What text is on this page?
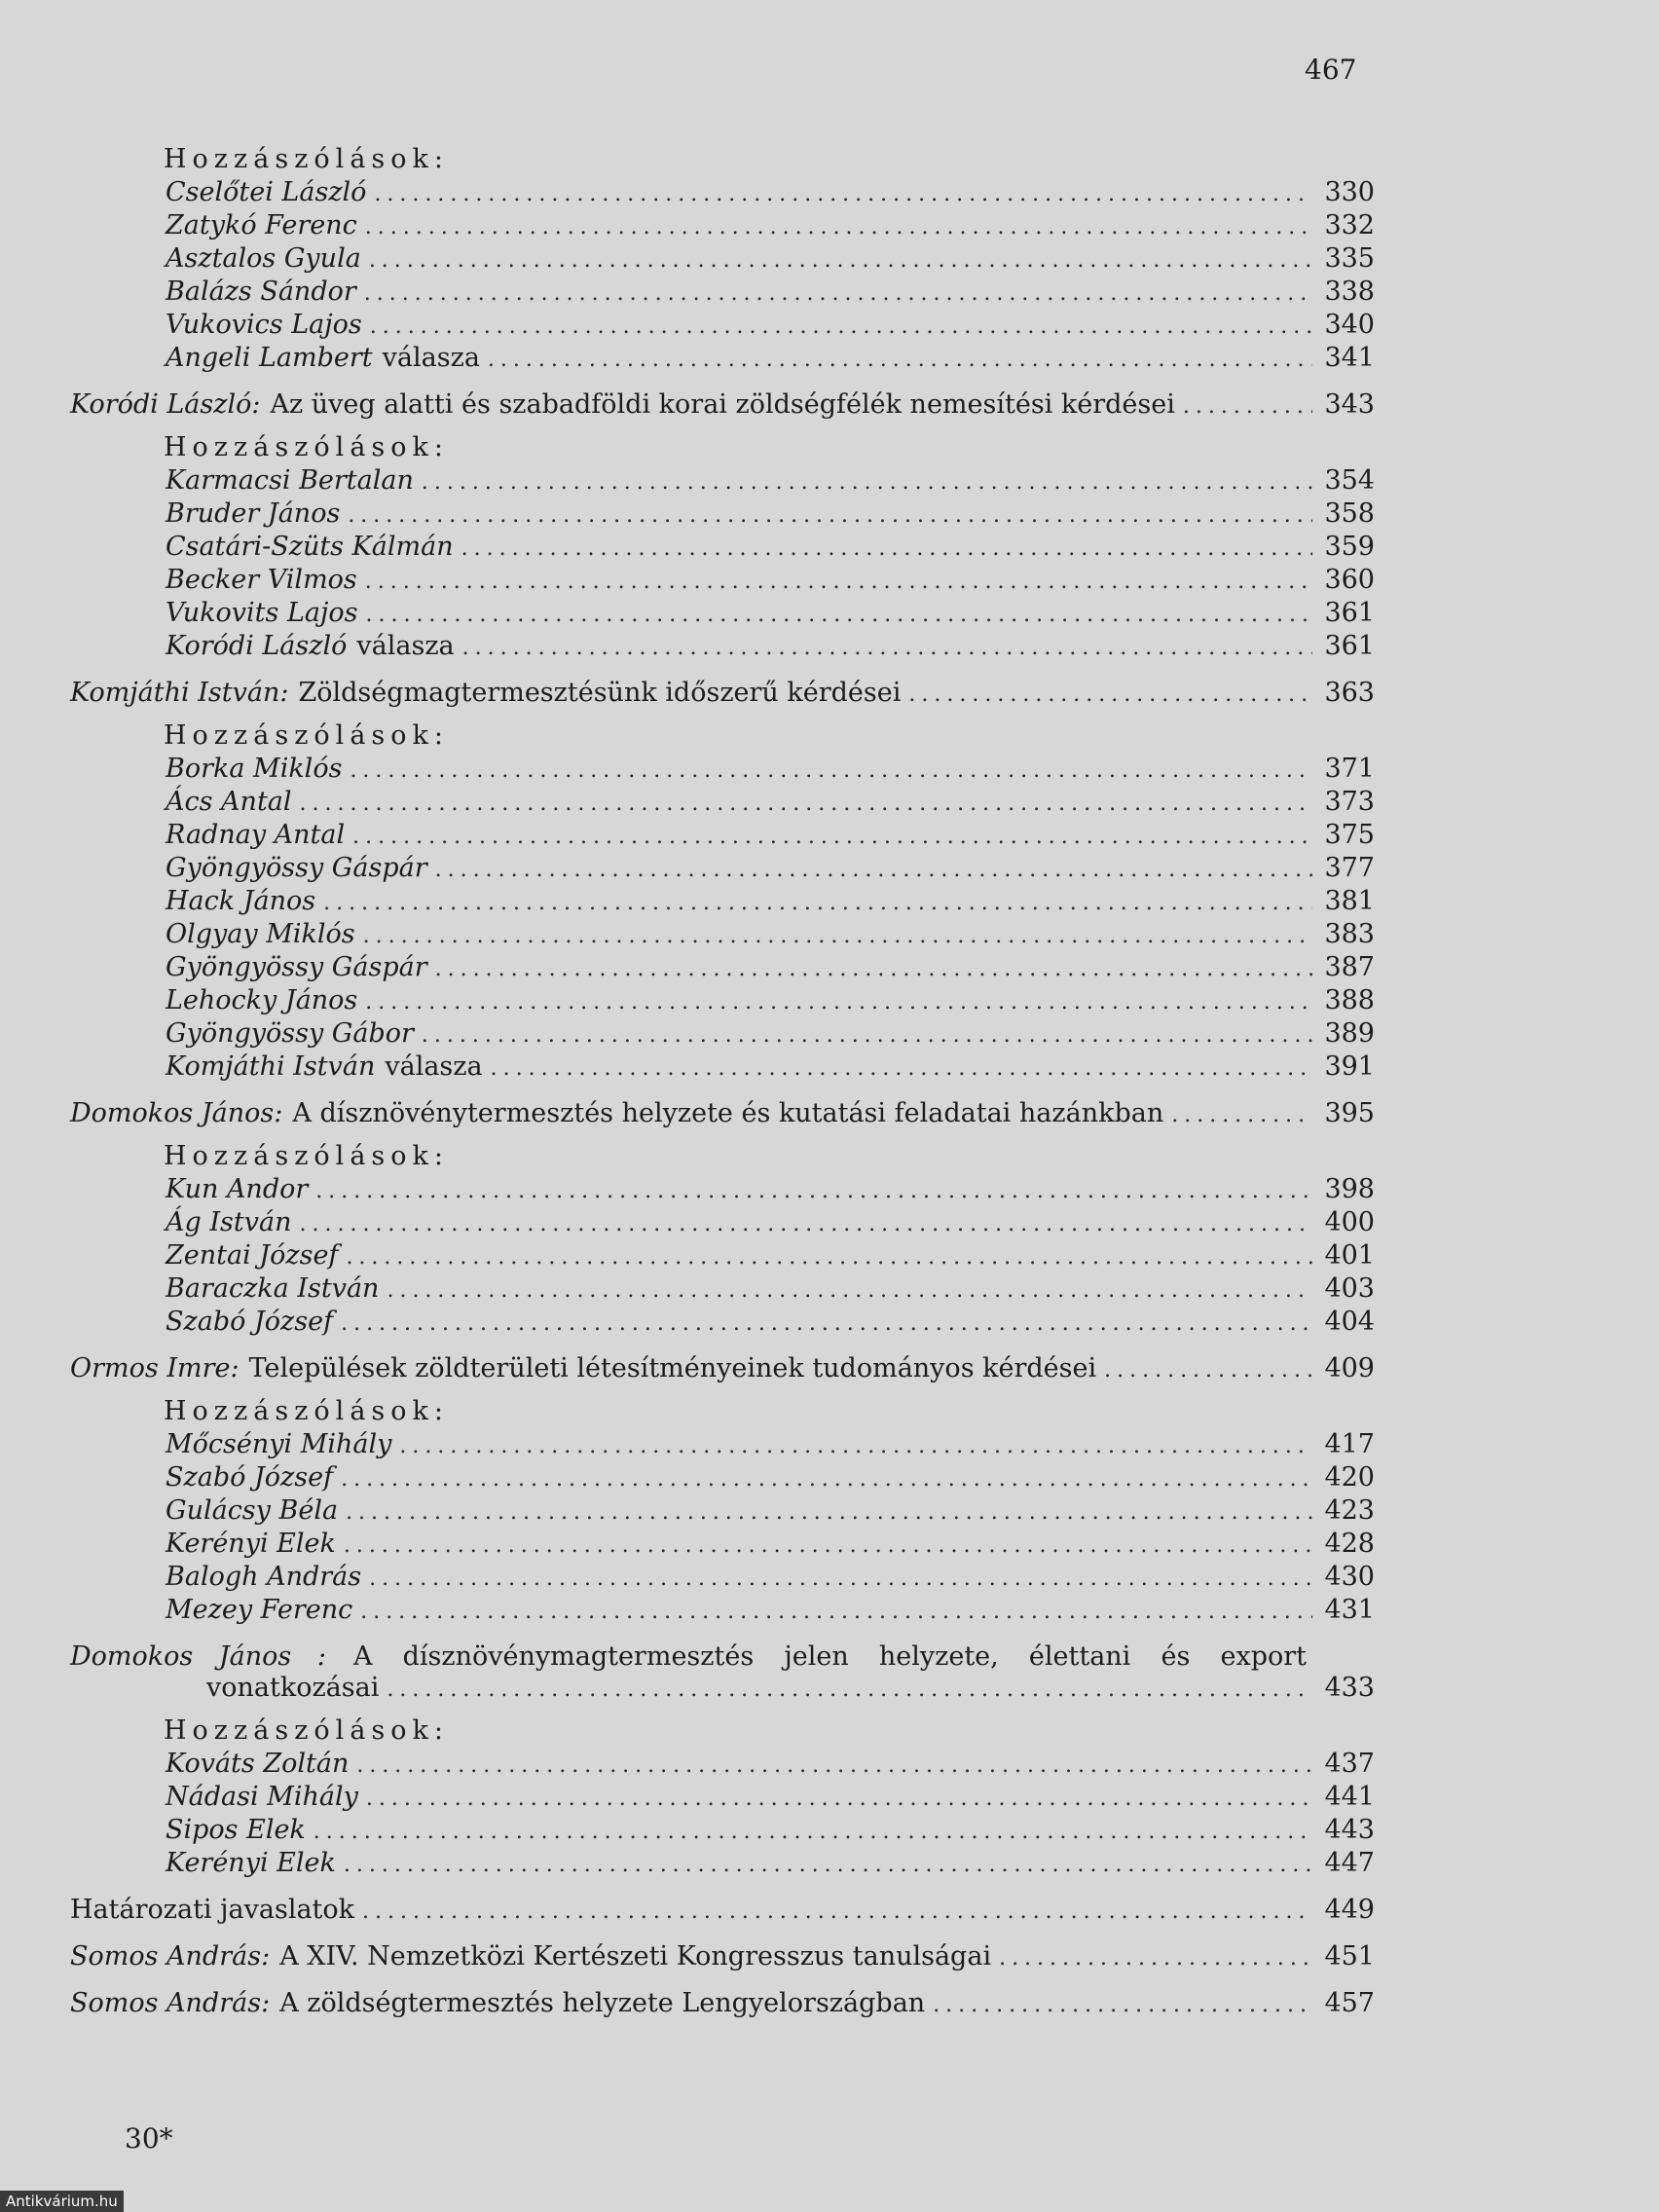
467
Hozzászólások:
Cselőtei László .....	330
Zatykó Ferenc .....	332
Asztalos Gyula .....	335
Balázs Sándor .....	338
Vukovics Lajos .....	340
Angeli Lambert válasza .....	341
Koródi László : Az üveg alatti és szabadföldi korai zöldségfélék nemesítési kérdései .....	343
Hozzászólások:
Karmacsi Bertalan .....	354
Bruder János .....	358
Csatári-Szüts Kálmán .....	359
Becker Vilmos .....	360
Vukovits Lajos .....	361
Koródi László válasza .....	361
Komjáthi István : Zöldségmagtermesztésünk időszerű kérdései .....	363
Hozzászólások:
Borka Miklós .....	371
Ács Antal .....	373
Radnay Antal .....	375
Gyöngyössy Gáspár .....	377
Hack János .....	381
Olgyay Miklós .....	383
Gyöngyössy Gáspár .....	387
Lehocky János .....	388
Gyöngyössy Gábor .....	389
Komjáthi István válasza .....	391
Domokos János : A dísznövénytermesztés helyzete és kutatási feladatai hazánkban .....	395
Hozzászólások:
Kun Andor .....	398
Ág István .....	400
Zentai József .....	401
Baraczka István .....	403
Szabó József .....	404
Ormos Imre : Települések zöldterületi létesítményeinek tudományos kérdései .....	409
Hozzászólások:
Mőcsényi Mihály .....	417
Szabó József .....	420
Gulácsy Béla .....	423
Kerényi Elek .....	428
Balogh András .....	430
Mezey Ferenc .....	431
Domokos János : A dísznövénymagtermesztés jelen helyzete, élettani és export
vonatkozásai .....	433
Hozzászólások:
Kováts Zoltán .....	437
Nádasi Mihály .....	441
Sipos Elek .....	443
Kerényi Elek .....	447
Határozati javaslatok .....	449
Somos András : A XIV. Nemzetközi Kertészeti Kongresszus tanulságai .....	451
Somos András : A zöldségtermesztés helyzete Lengyelországban .....	457
30*
Antikvárium.hu
